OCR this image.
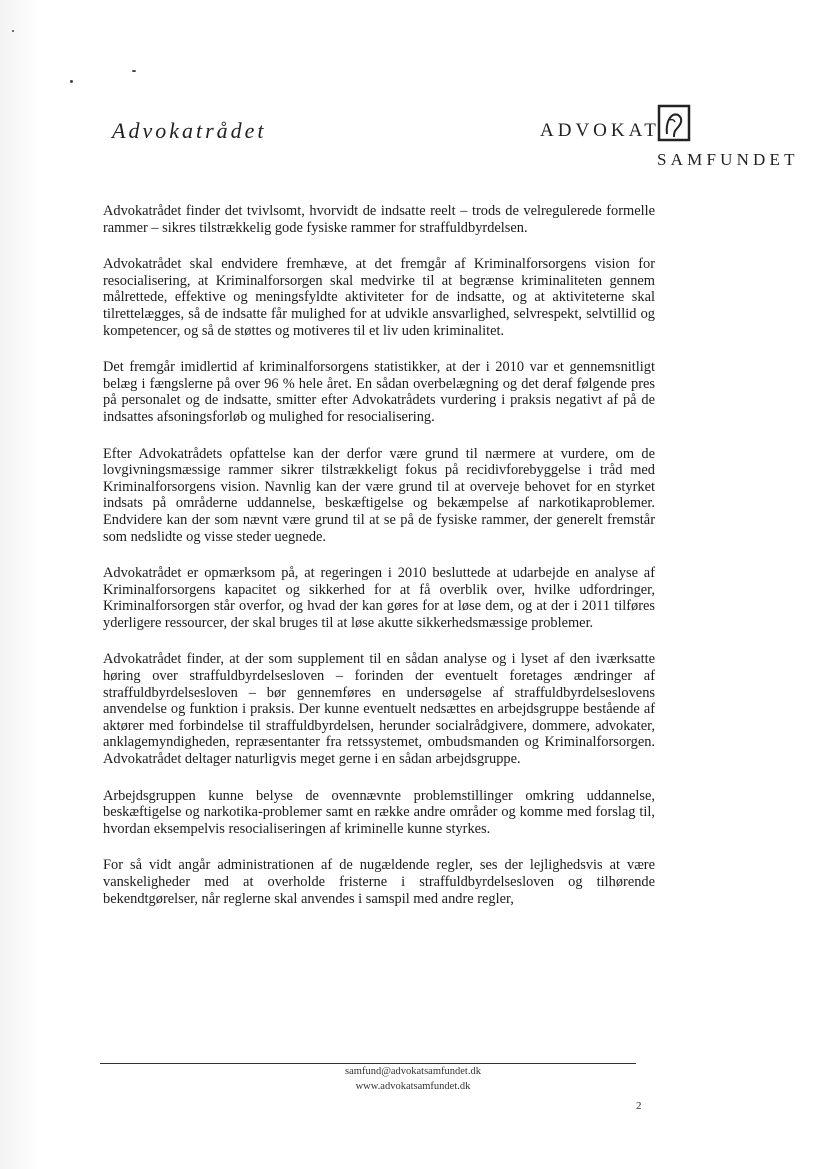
Advokatrådet	ADVOKAT
SAMFUNDET

Advokatrådet finder det tvivlsomt, hvorvidt de indsatte reelt – trods de velregulerede formelle rammer – sikres tilstrækkelig gode fysiske rammer for straffuldbyrdelsen.

Advokatrådet skal endvidere fremhæve, at det fremgår af Kriminalforsorgens vision for resocialisering, at Kriminalforsorgen skal medvirke til at begrænse kriminaliteten gennem målrettede, effektive og meningsfyldte aktiviteter for de indsatte, og at aktiviteterne skal tilrettelægges, så de indsatte får mulighed for at udvikle ansvarlighed, selvrespekt, selvtillid og kompetencer, og så de støttes og motiveres til et liv uden kriminalitet.

Det fremgår imidlertid af kriminalforsorgens statistikker, at der i 2010 var et gennemsnitligt belæg i fængslerne på over 96 % hele året. En sådan overbelægning og det deraf følgende pres på personalet og de indsatte, smitter efter Advokatrådets vurdering i praksis negativt af på de indsattes afsoningsforløb og mulighed for resocialisering.

Efter Advokatrådets opfattelse kan der derfor være grund til nærmere at vurdere, om de lovgivningsmæssige rammer sikrer tilstrækkeligt fokus på recidivforebyggelse i tråd med Kriminalforsorgens vision. Navnlig kan der være grund til at overveje behovet for en styrket indsats på områderne uddannelse, beskæftigelse og bekæmpelse af narkotikaproblemer. Endvidere kan der som nævnt være grund til at se på de fysiske rammer, der generelt fremstår som nedslidte og visse steder uegnede.

Advokatrådet er opmærksom på, at regeringen i 2010 besluttede at udarbejde en analyse af Kriminalforsorgens kapacitet og sikkerhed for at få overblik over, hvilke udfordringer, Kriminalforsorgen står overfor, og hvad der kan gøres for at løse dem, og at der i 2011 tilføres yderligere ressourcer, der skal bruges til at løse akutte sikkerhedsmæssige problemer.

Advokatrådet finder, at der som supplement til en sådan analyse og i lyset af den iværksatte høring over straffuldbyrdelsesloven – forinden der eventuelt foretages ændringer af straffuldbyrdelsesloven – bør gennemføres en undersøgelse af straffuldbyrdelseslovens anvendelse og funktion i praksis. Der kunne eventuelt nedsættes en arbejdsgruppe bestående af aktører med forbindelse til straffuldbyrdelsen, herunder socialrådgivere, dommere, advokater, anklagemyndigheden, repræsentanter fra retssystemet, ombudsmanden og Kriminalforsorgen. Advokatrådet deltager naturligvis meget gerne i en sådan arbejdsgruppe.

Arbejdsgruppen kunne belyse de ovennævnte problemstillinger omkring uddannelse, beskæftigelse og narkotika-problemer samt en række andre områder og komme med forslag til, hvordan eksempelvis resocialiseringen af kriminelle kunne styrkes.

For så vidt angår administrationen af de nugældende regler, ses der lejlighedsvis at være vanskeligheder med at overholde fristerne i straffuldbyrdelsesloven og tilhørende bekendtgørelser, når reglerne skal anvendes i samspil med andre regler,

samfund@advokatsamfundet.dk
www.advokatsamfundet.dk
2
